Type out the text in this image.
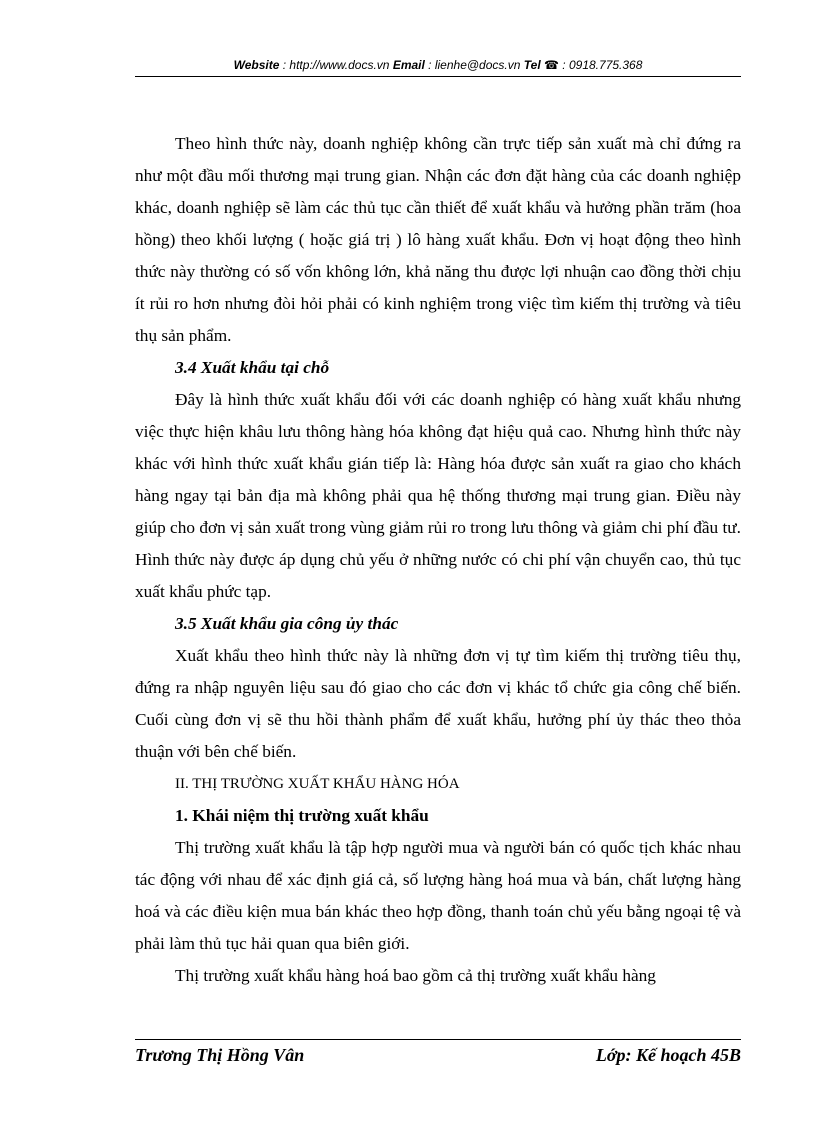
Website : http://www.docs.vn Email : lienhe@docs.vn Tel ☎ : 0918.775.368

Theo hình thức này, doanh nghiệp không cần trực tiếp sản xuất mà chỉ đứng ra như một đầu mối thương mại trung gian. Nhận các đơn đặt hàng của các doanh nghiệp khác, doanh nghiệp sẽ làm các thủ tục cần thiết để xuất khẩu và hưởng phần trăm (hoa hồng) theo khối lượng ( hoặc giá trị ) lô hàng xuất khẩu. Đơn vị hoạt động theo hình thức này thường có số vốn không lớn, khả năng thu được lợi nhuận cao đồng thời chịu ít rủi ro hơn nhưng đòi hỏi phải có kinh nghiệm trong việc tìm kiếm thị trường và tiêu thụ sản phẩm.

3.4 Xuất khẩu tại chỗ

Đây là hình thức xuất khẩu đối với các doanh nghiệp có hàng xuất khẩu nhưng việc thực hiện khâu lưu thông hàng hóa không đạt hiệu quả cao. Nhưng hình thức này khác với hình thức xuất khẩu gián tiếp là: Hàng hóa được sản xuất ra giao cho khách hàng ngay tại bản địa mà không phải qua hệ thống thương mại trung gian. Điều này giúp cho đơn vị sản xuất trong vùng giảm rủi ro trong lưu thông và giảm chi phí đầu tư. Hình thức này được áp dụng chủ yếu ở những nước có chi phí vận chuyển cao, thủ tục xuất khẩu phức tạp.

3.5 Xuất khẩu gia công ủy thác

Xuất khẩu theo hình thức này là những đơn vị tự tìm kiếm thị trường tiêu thụ, đứng ra nhập nguyên liệu sau đó giao cho các đơn vị khác tổ chức gia công chế biến. Cuối cùng đơn vị sẽ thu hồi thành phẩm để xuất khẩu, hưởng phí ủy thác theo thỏa thuận với bên chế biến.

II. THỊ TRƯỜNG XUẤT KHẨU HÀNG HÓA

1. Khái niệm thị trường xuất khẩu

Thị trường xuất khẩu là tập hợp người mua và người bán có quốc tịch khác nhau tác động với nhau để xác định giá cả, số lượng hàng hoá mua và bán, chất lượng hàng hoá và các điều kiện mua bán khác theo hợp đồng, thanh toán chủ yếu bằng ngoại tệ và phải làm thủ tục hải quan qua biên giới.

Thị trường xuất khẩu hàng hoá bao gồm cả thị trường xuất khẩu hàng

Trương Thị Hồng Vân	Lớp: Kế hoạch 45B
